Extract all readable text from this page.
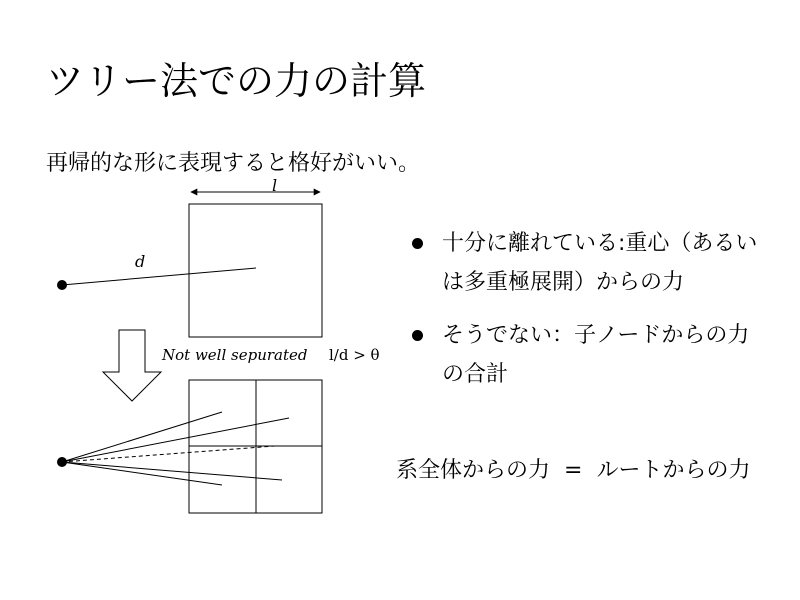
ツリー法での力の計算
再帰的な形に表現すると格好がいい。
l
d
Not well sepurated l/d > θ
十分に離れている:重心（あるいは多重極展開）からの力
そうでない：子ノードからの力の合計
系全体からの力 = ルートからの力
